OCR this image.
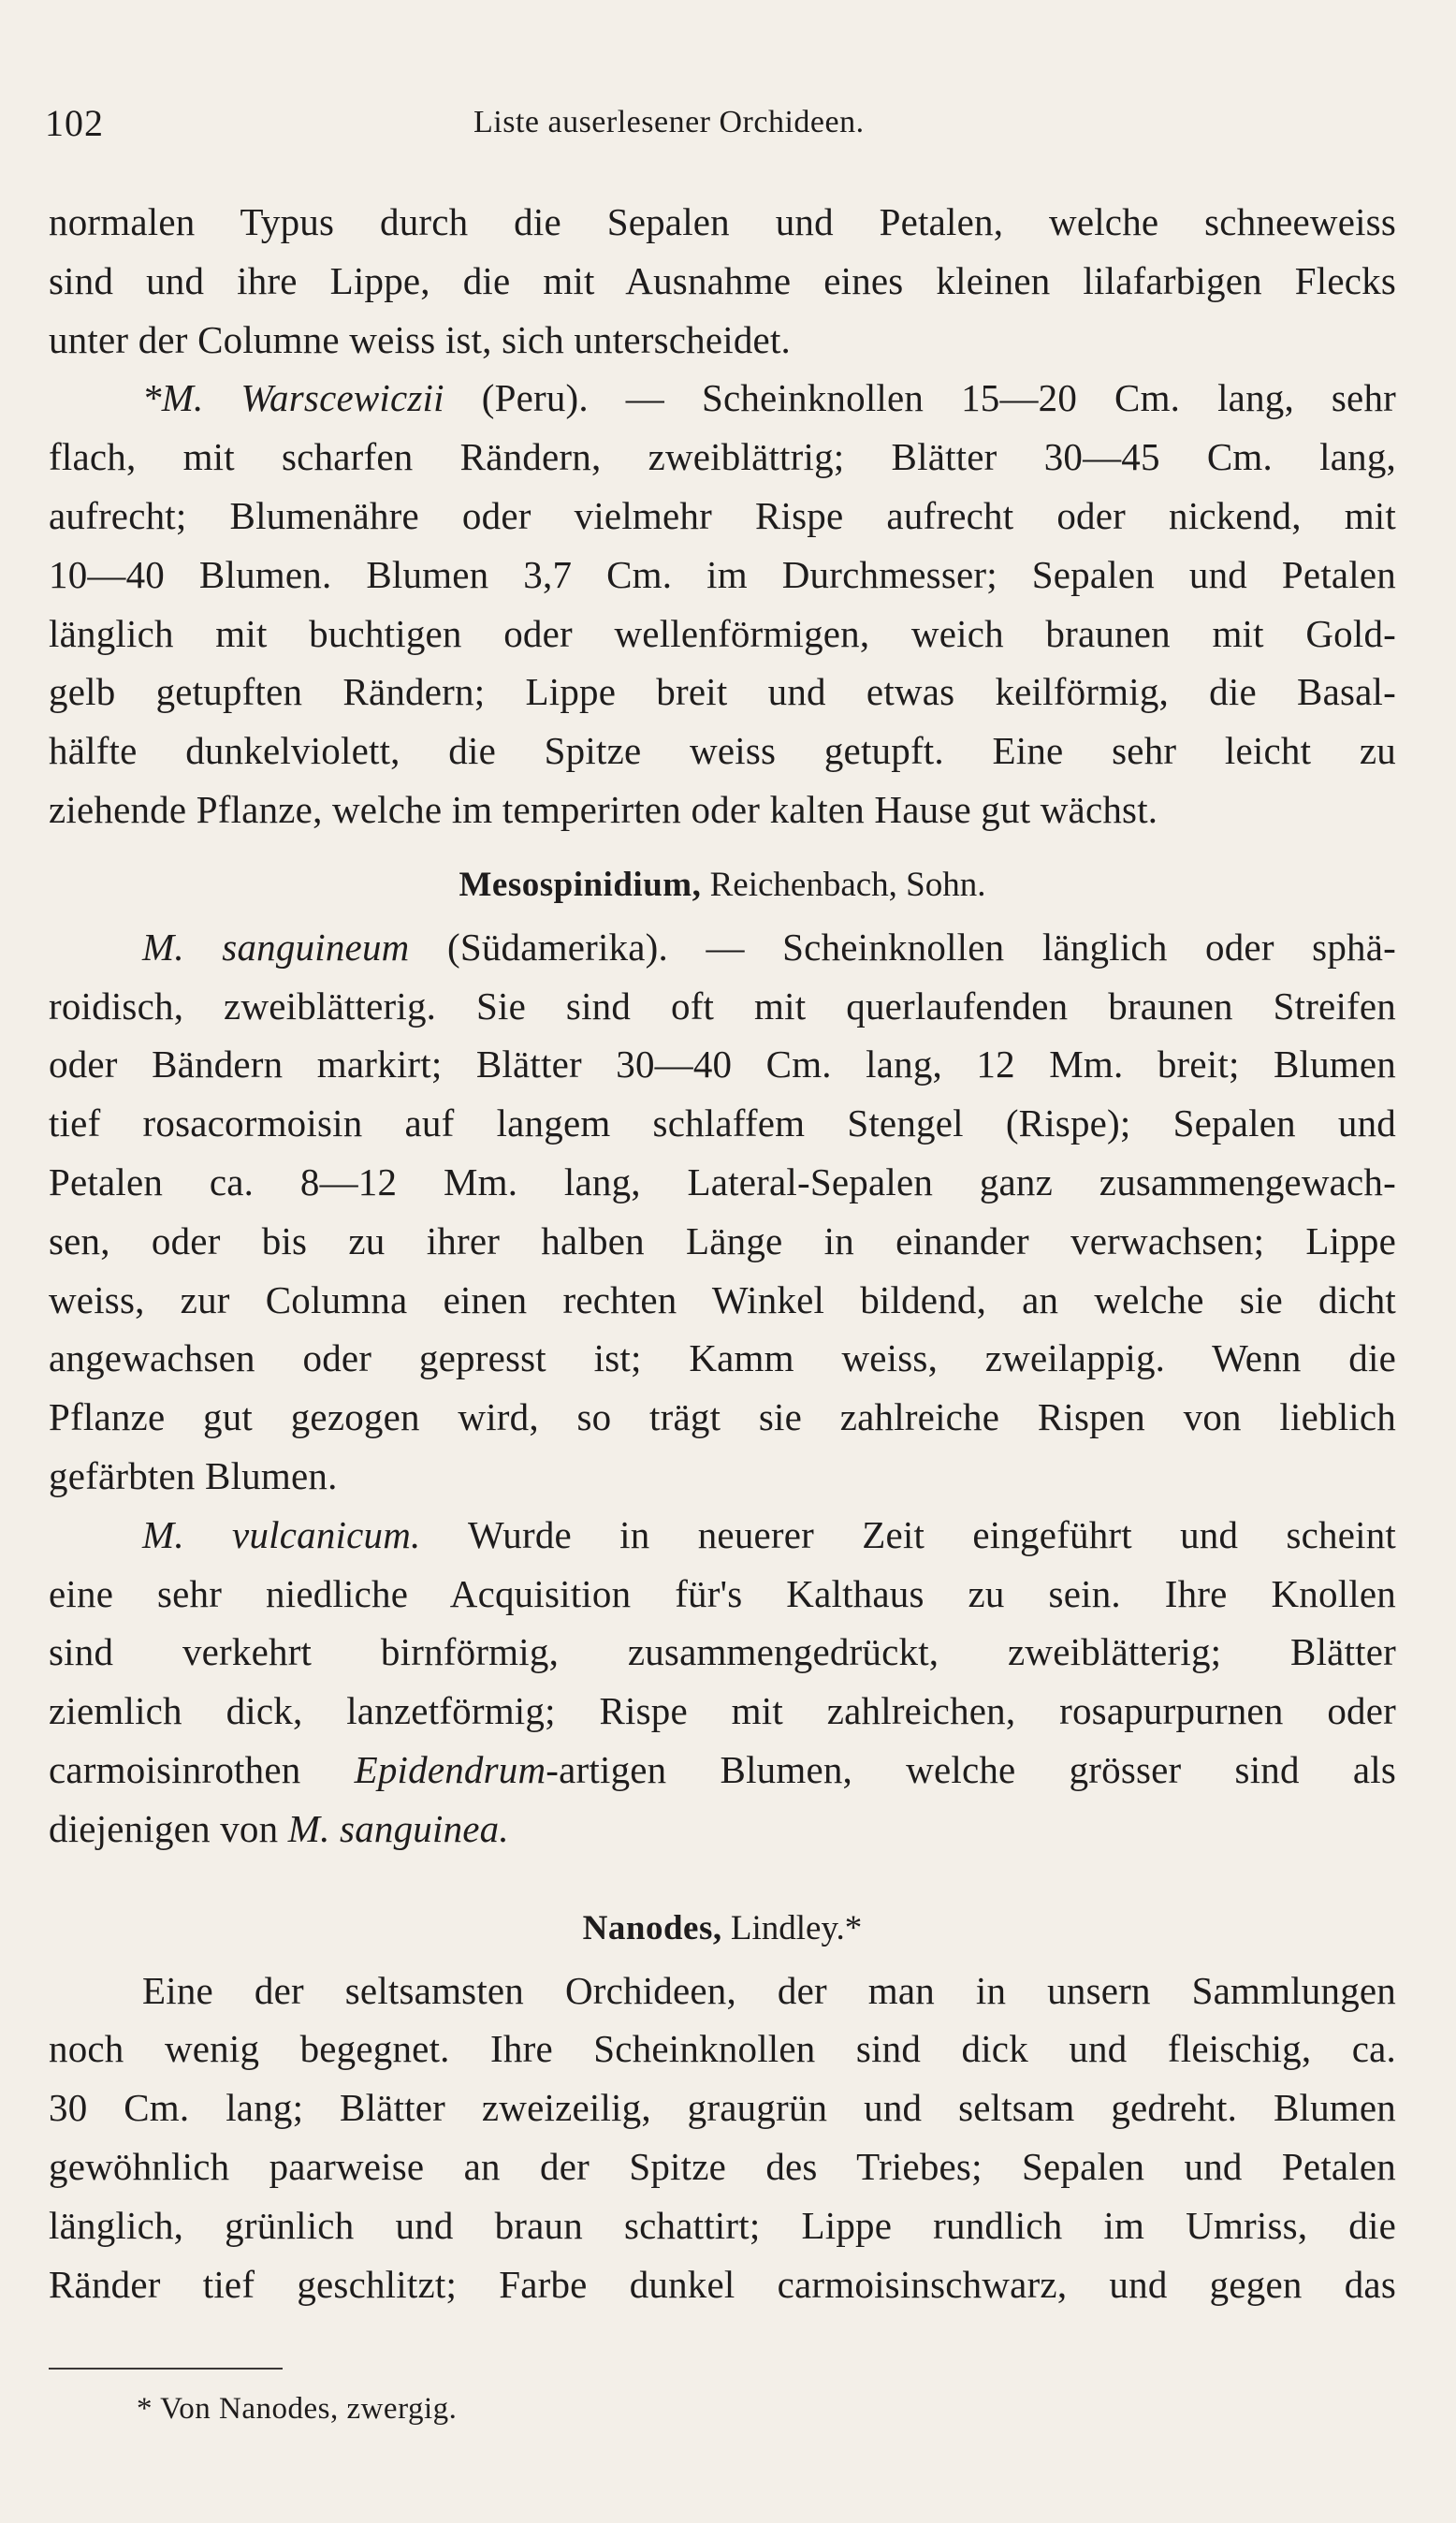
102	Liste auserlesener Orchideen.
normalen Typus durch die Sepalen und Petalen, welche schneeweiss
sind und ihre Lippe, die mit Ausnahme eines kleinen lilafarbigen Flecks
unter der Columne weiss ist, sich unterscheidet.
*M. Warscewiczii (Peru). — Scheinknollen 15—20 Cm. lang, sehr
flach, mit scharfen Rändern, zweiblättrig; Blätter 30—45 Cm. lang,
aufrecht; Blumenähre oder vielmehr Rispe aufrecht oder nickend, mit
10—40 Blumen. Blumen 3,7 Cm. im Durchmesser; Sepalen und Petalen
länglich mit buchtigen oder wellenförmigen, weich braunen mit Gold-
gelb getupften Rändern; Lippe breit und etwas keilförmig, die Basal-
hälfte dunkelviolett, die Spitze weiss getupft. Eine sehr leicht zu
ziehende Pflanze, welche im temperirten oder kalten Hause gut wächst.
Mesospinidium, Reichenbach, Sohn.
M. sanguineum (Südamerika). — Scheinknollen länglich oder sphä-
roidisch, zweiblätterig. Sie sind oft mit querlaufenden braunen Streifen
oder Bändern markirt; Blätter 30—40 Cm. lang, 12 Mm. breit; Blumen
tief rosacormoisin auf langem schlaffem Stengel (Rispe); Sepalen und
Petalen ca. 8—12 Mm. lang, Lateral-Sepalen ganz zusammengewach-
sen, oder bis zu ihrer halben Länge in einander verwachsen; Lippe
weiss, zur Columna einen rechten Winkel bildend, an welche sie dicht
angewachsen oder gepresst ist; Kamm weiss, zweilappig. Wenn die
Pflanze gut gezogen wird, so trägt sie zahlreiche Rispen von lieblich
gefärbten Blumen.
M. vulcanicum. Wurde in neuerer Zeit eingeführt und scheint
eine sehr niedliche Acquisition für's Kalthaus zu sein. Ihre Knollen
sind verkehrt birnförmig, zusammengedrückt, zweiblätterig; Blätter
ziemlich dick, lanzetförmig; Rispe mit zahlreichen, rosapurpurnen oder
carmoisinrothen Epidendrum-artigen Blumen, welche grösser sind als
diejenigen von M. sanguinea.
Nanodes, Lindley.*
Eine der seltsamsten Orchideen, der man in unsern Sammlungen
noch wenig begegnet. Ihre Scheinknollen sind dick und fleischig, ca.
30 Cm. lang; Blätter zweizeilig, graugrün und seltsam gedreht. Blumen
gewöhnlich paarweise an der Spitze des Triebes; Sepalen und Petalen
länglich, grünlich und braun schattirt; Lippe rundlich im Umriss, die
Ränder tief geschlitzt; Farbe dunkel carmoisinschwarz, und gegen das
* Von Nanodes, zwergig.
